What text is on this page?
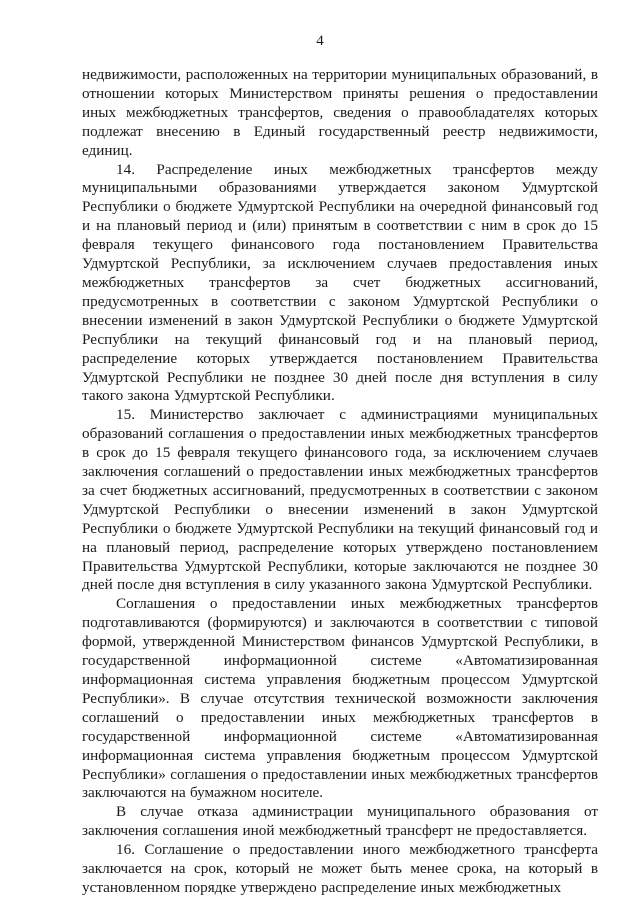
4

недвижимости, расположенных на территории муниципальных образований, в отношении которых Министерством приняты решения о предоставлении иных межбюджетных трансфертов, сведения о правообладателях которых подлежат внесению в Единый государственный реестр недвижимости, единиц.

14. Распределение иных межбюджетных трансфертов между муниципальными образованиями утверждается законом Удмуртской Республики о бюджете Удмуртской Республики на очередной финансовый год и на плановый период и (или) принятым в соответствии с ним в срок до 15 февраля текущего финансового года постановлением Правительства Удмуртской Республики, за исключением случаев предоставления иных межбюджетных трансфертов за счет бюджетных ассигнований, предусмотренных в соответствии с законом Удмуртской Республики о внесении изменений в закон Удмуртской Республики о бюджете Удмуртской Республики на текущий финансовый год и на плановый период, распределение которых утверждается постановлением Правительства Удмуртской Республики не позднее 30 дней после дня вступления в силу такого закона Удмуртской Республики.

15. Министерство заключает с администрациями муниципальных образований соглашения о предоставлении иных межбюджетных трансфертов в срок до 15 февраля текущего финансового года, за исключением случаев заключения соглашений о предоставлении иных межбюджетных трансфертов за счет бюджетных ассигнований, предусмотренных в соответствии с законом Удмуртской Республики о внесении изменений в закон Удмуртской Республики о бюджете Удмуртской Республики на текущий финансовый год и на плановый период, распределение которых утверждено постановлением Правительства Удмуртской Республики, которые заключаются не позднее 30 дней после дня вступления в силу указанного закона Удмуртской Республики.

Соглашения о предоставлении иных межбюджетных трансфертов подготавливаются (формируются) и заключаются в соответствии с типовой формой, утвержденной Министерством финансов Удмуртской Республики, в государственной информационной системе «Автоматизированная информационная система управления бюджетным процессом Удмуртской Республики». В случае отсутствия технической возможности заключения соглашений о предоставлении иных межбюджетных трансфертов в государственной информационной системе «Автоматизированная информационная система управления бюджетным процессом Удмуртской Республики» соглашения о предоставлении иных межбюджетных трансфертов заключаются на бумажном носителе.

В случае отказа администрации муниципального образования от заключения соглашения иной межбюджетный трансферт не предоставляется.

16. Соглашение о предоставлении иного межбюджетного трансферта заключается на срок, который не может быть менее срока, на который в установленном порядке утверждено распределение иных межбюджетных
